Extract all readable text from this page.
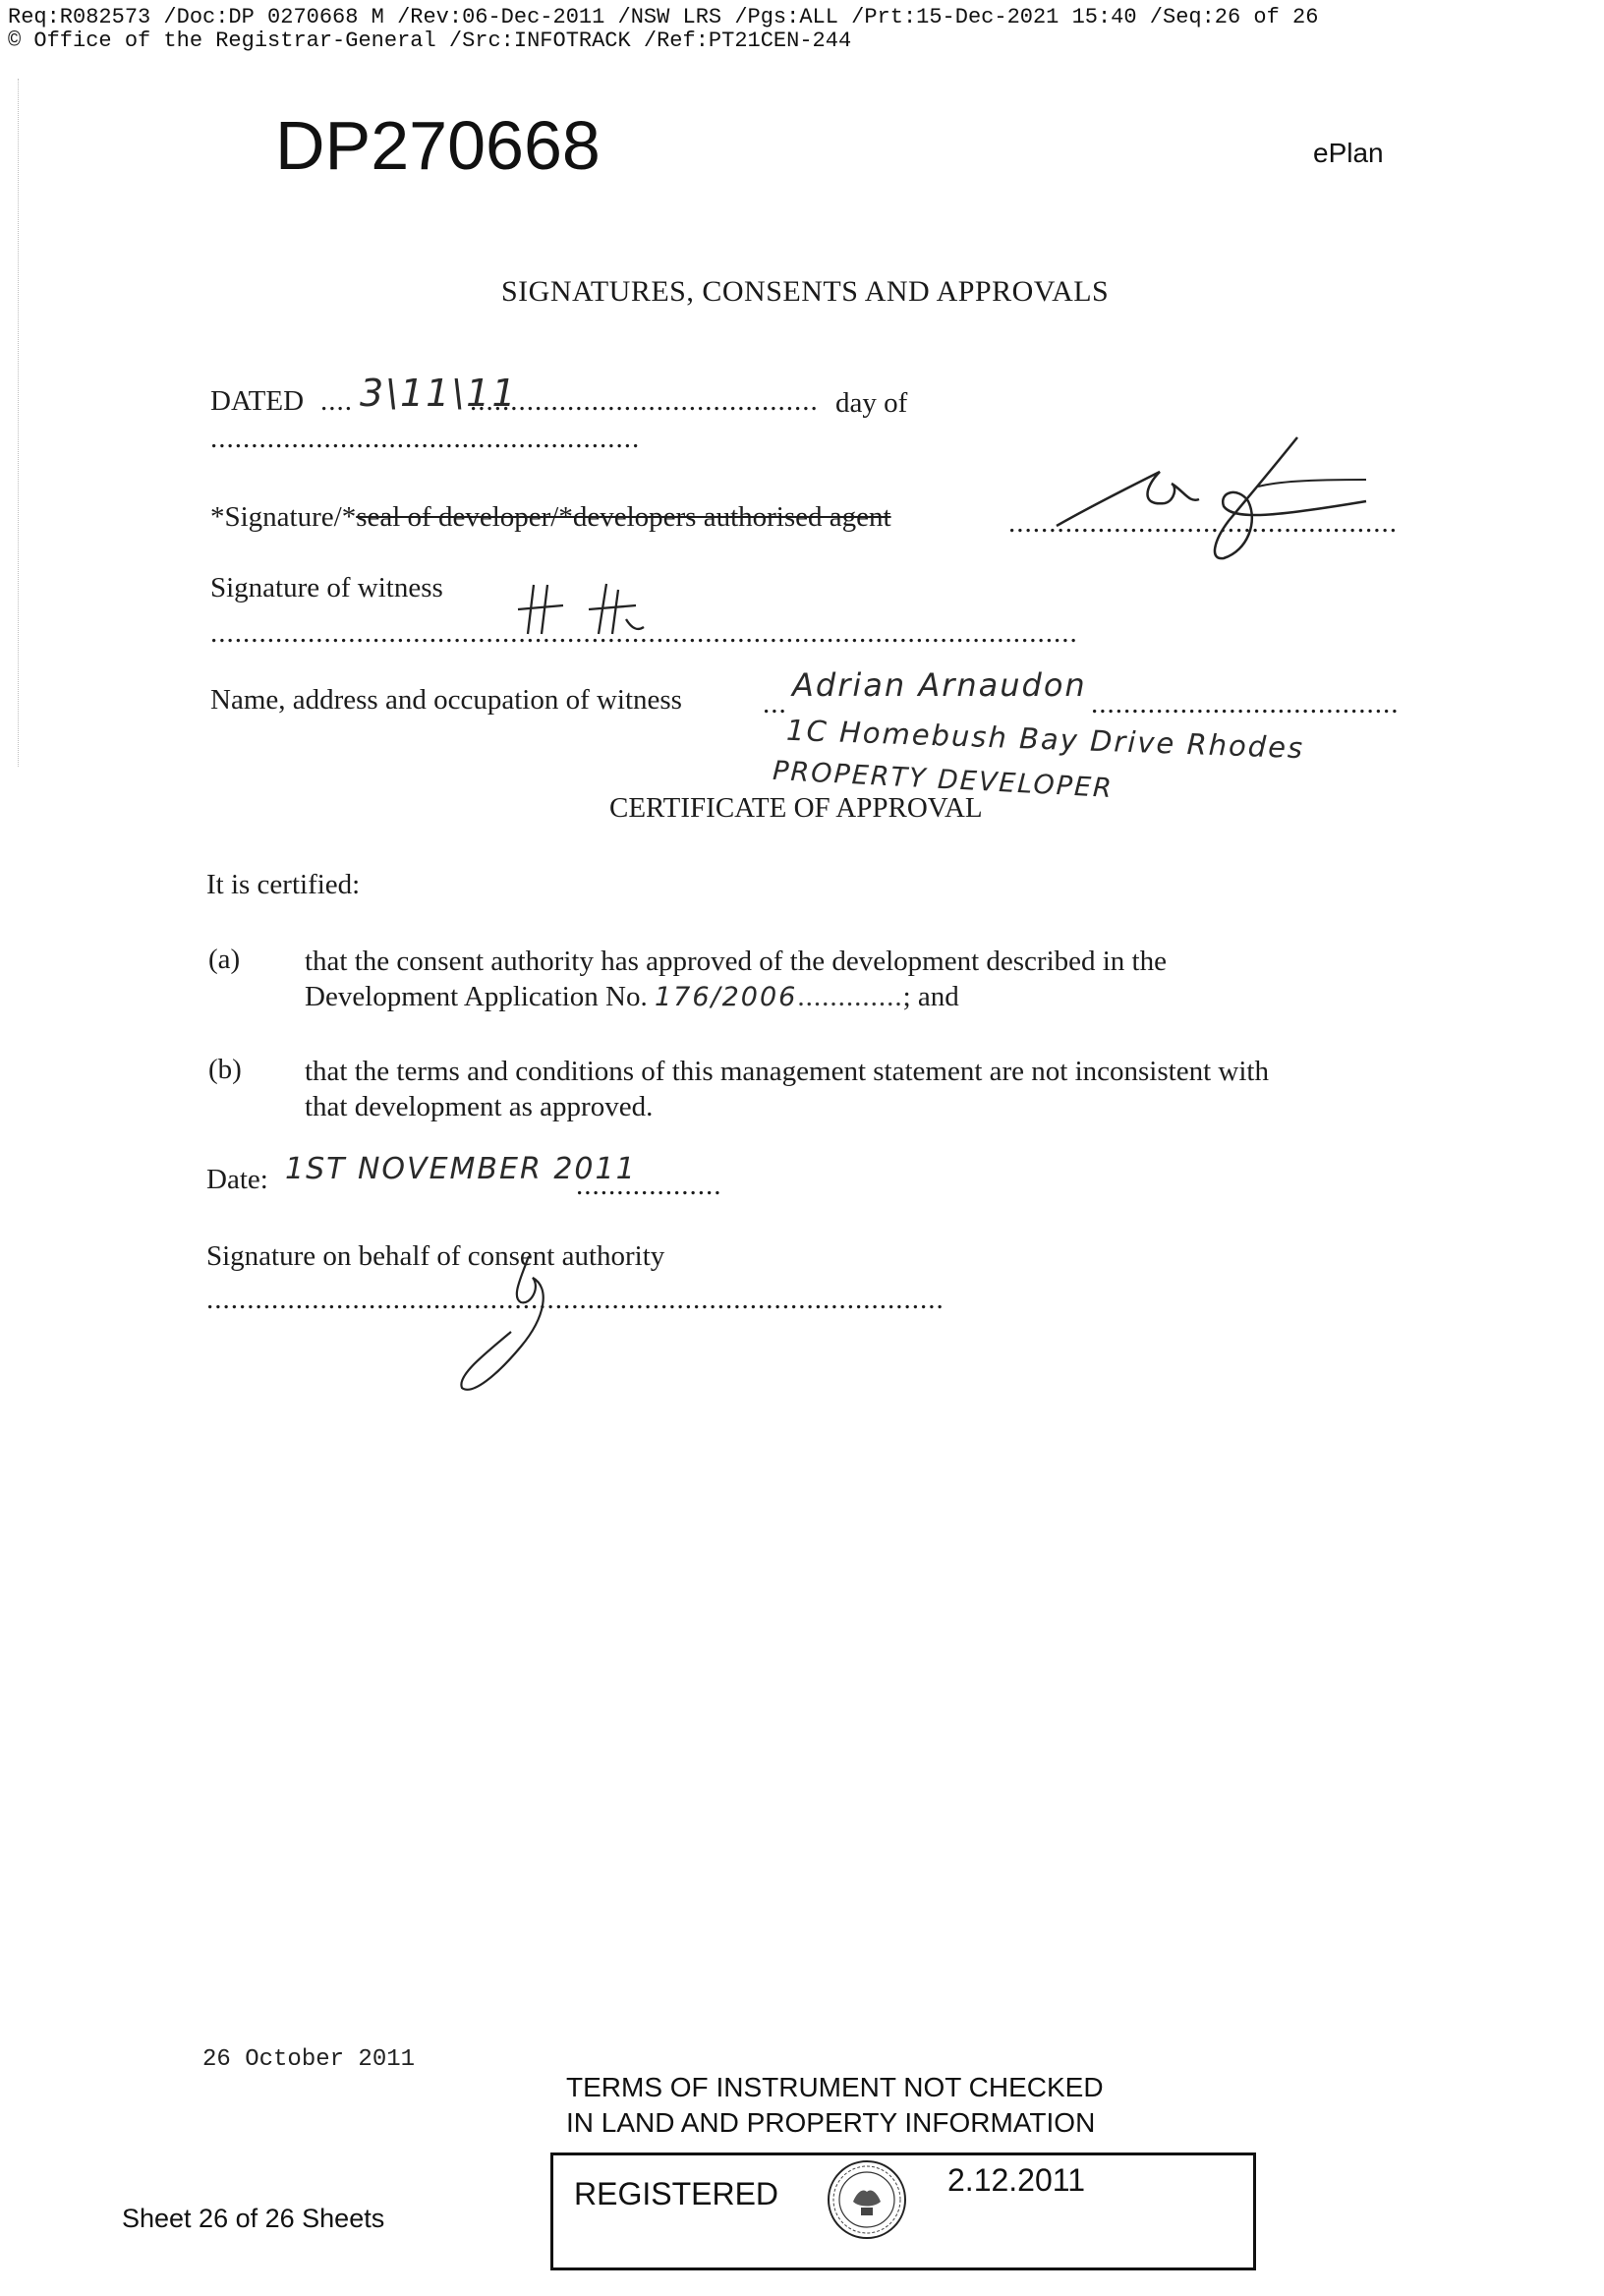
Req:R082573 /Doc:DP 0270668 M /Rev:06-Dec-2011 /NSW LRS /Pgs:ALL /Prt:15-Dec-2021 15:40 /Seq:26 of 26
© Office of the Registrar-General /Src:INFOTRACK /Ref:PT21CEN-244
DP270668	ePlan
SIGNATURES, CONSENTS AND APPROVALS
DATED .... 3\11\11
........................................... day of
.....................................................
*Signature/*seal of developer/*developers authorised agent	................................................
Signature of witness
...........................................................................................................
Name, address and occupation of witness	... Adrian Arnaudon ......................................
1C Homebush Bay Drive Rhodes
PROPERTY DEVELOPER
CERTIFICATE OF APPROVAL
It is certified:
(a) that the consent authority has approved of the development described in the
Development Application No. 176/2006.............; and
(b) that the terms and conditions of this management statement are not inconsistent with
that development as approved.
Date: 1ST NOVEMBER 2011
..................
Signature on behalf of consent authority
...........................................................................................
26 October 2011
TERMS OF INSTRUMENT NOT CHECKED
IN LAND AND PROPERTY INFORMATION
REGISTERED	2.12.2011
Sheet 26 of 26 Sheets
